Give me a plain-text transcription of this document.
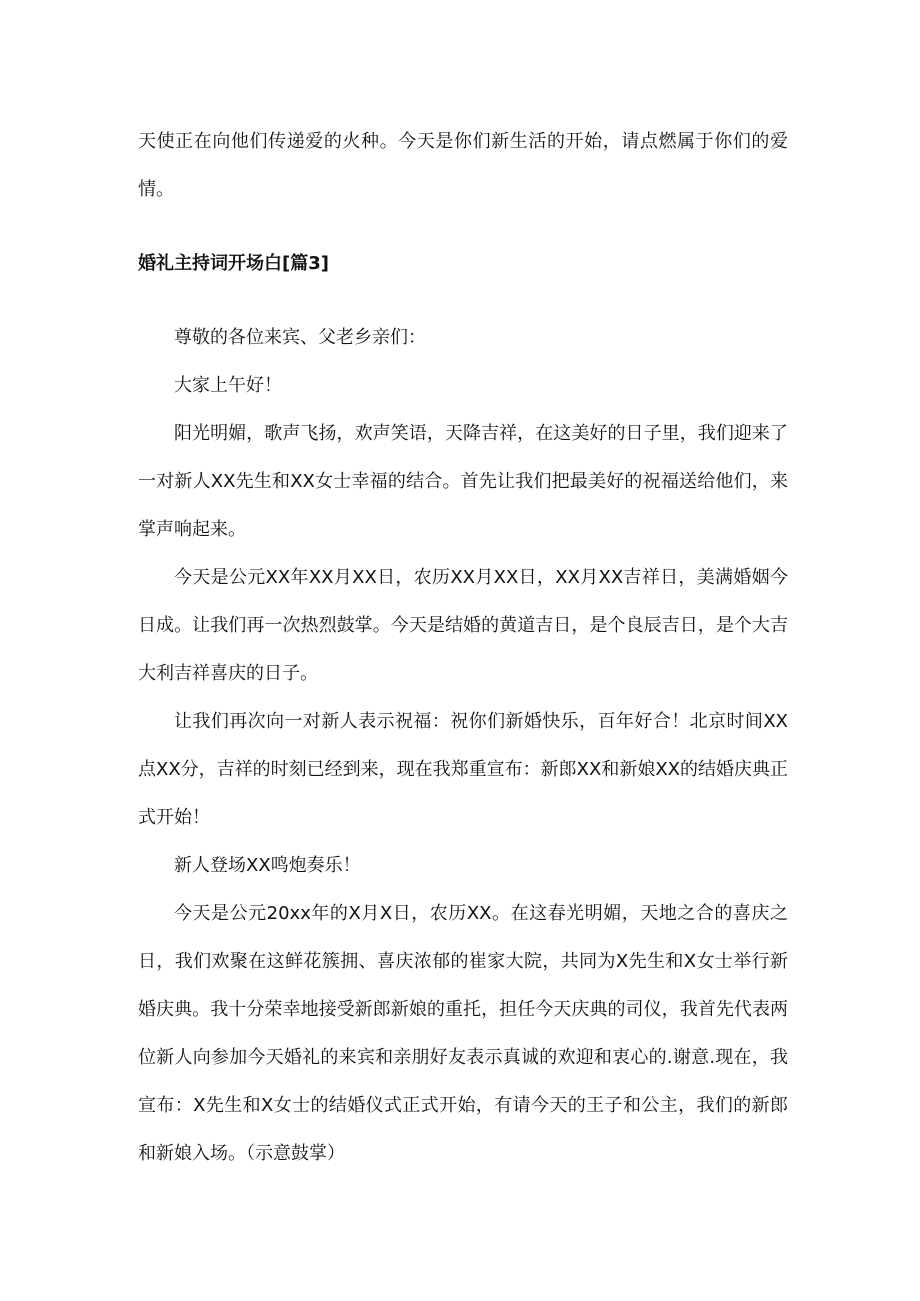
天使正在向他们传递爱的火种。今天是你们新生活的开始，请点燃属于你们的爱情。

婚礼主持词开场白[篇3]

尊敬的各位来宾、父老乡亲们：

大家上午好！

阳光明媚，歌声飞扬，欢声笑语，天降吉祥，在这美好的日子里，我们迎来了一对新人XX先生和XX女士幸福的结合。首先让我们把最美好的祝福送给他们，来掌声响起来。

今天是公元XX年XX月XX日，农历XX月XX日，XX月XX吉祥日，美满婚姻今日成。让我们再一次热烈鼓掌。今天是结婚的黄道吉日，是个良辰吉日，是个大吉大利吉祥喜庆的日子。

让我们再次向一对新人表示祝福：祝你们新婚快乐，百年好合！北京时间XX点XX分，吉祥的时刻已经到来，现在我郑重宣布：新郎XX和新娘XX的结婚庆典正式开始！

新人登场XX鸣炮奏乐！

今天是公元20xx年的X月X日，农历XX。在这春光明媚，天地之合的喜庆之日，我们欢聚在这鲜花簇拥、喜庆浓郁的崔家大院，共同为X先生和X女士举行新婚庆典。我十分荣幸地接受新郎新娘的重托，担任今天庆典的司仪，我首先代表两位新人向参加今天婚礼的来宾和亲朋好友表示真诚的欢迎和衷心的.谢意.现在，我宣布：X先生和X女士的结婚仪式正式开始，有请今天的王子和公主，我们的新郎和新娘入场。（示意鼓掌）
